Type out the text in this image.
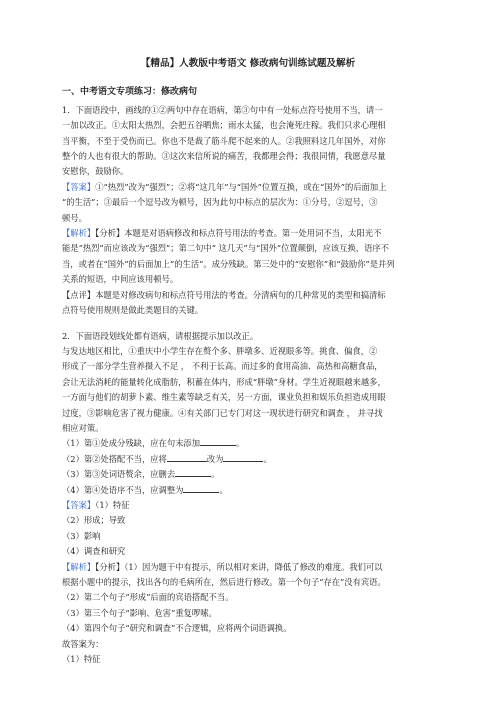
【精品】人教版中考语文 修改病句训练试题及解析
一、中考语文专项练习：修改病句

1．下面语段中，画线的①②两句中存在语病，第③句中有一处标点符号使用不当，请一

一加以改正。①太阳太热烈，会把五谷晒焦；雨水太猛，也会淹死庄稼。我们只求心理相

当平衡，不至于受伤而已。你也不是裁了筋斗爬不起来的人。②我照料这几年国外，对你

整个的人也有很大的帮助。③这次来信所说的痛苦，我都理会得；我很同情，我愿意尽量

安慰你，鼓励你。

【答案】①“热烈”改为“强烈”；②将“这几年”与“国外”位置互换，或在“国外”的后面加上

“的生活”；③最后一个逗号改为顿号，因为此句中标点的层次为：①分号，②逗号，③

顿号。

【解析】【分析】本题是对语病修改和标点符号用法的考查。第一处用词不当，太阳光不

能是“热烈”而应该改为“强烈”；第二句中“ 这几天”与“国外”位置颠倒，应该互换，语序不

当，或者在“国外”的后面加上“的生活”。成分残缺。第三处中的“安慰你”和“鼓励你”是并列

关系的短语，中间应该用顿号。

【点评】本题是对修改病句和标点符号用法的考查。分清病句的几种常见的类型和搞清标

点符号使用规则是做此类题目的关键。

2．下面语段划线处都有语病，请根据提示加以改正。

与发达地区相比，①重庆中小学生存在赘个多、胖墩多、近视眼多等。挑食、偏食，②

形成了一部分学生营养摄入不足 ， 不利于长高。而过多的食用高油、高热和高糖食品，

会让无法消耗的能量转化成脂肪，积蓄在体内，形成“胖墩”身材。学生近视眼越来越多，

一方面与他们的胡萝卜素、维生素等缺乏有关，另一方面，课业负担和娱乐负担造成用眼

过度，③影响危害了视力健康。④有关部门已专门对这一现状进行研究和调查 ， 并寻找

相应对策。

（1）第①处成分残缺，应在句末添加	。

（2）第②处搭配不当，应将	改为	。

（3）第③处词语赘余，应删去	。

（4）第④处语序不当，应调整为	。

【答案】（1）特征

（2）形成；导致

（3）影响

（4）调查和研究

【解析】【分析】（1）因为题干中有提示，所以相对来讲，降低了修改的难度。我们可以

根据小题中的提示，找出各句的毛病所在，然后进行修改。第一个句子“存在”没有宾语。

（2）第二个句子“形成”后面的宾语搭配不当。

（3）第三个句子“影响、危害”重复啰嗦。

（4）第四个句子“研究和调查”不合逻辑，应将两个词语调换。

故答案为：

（1）特征
